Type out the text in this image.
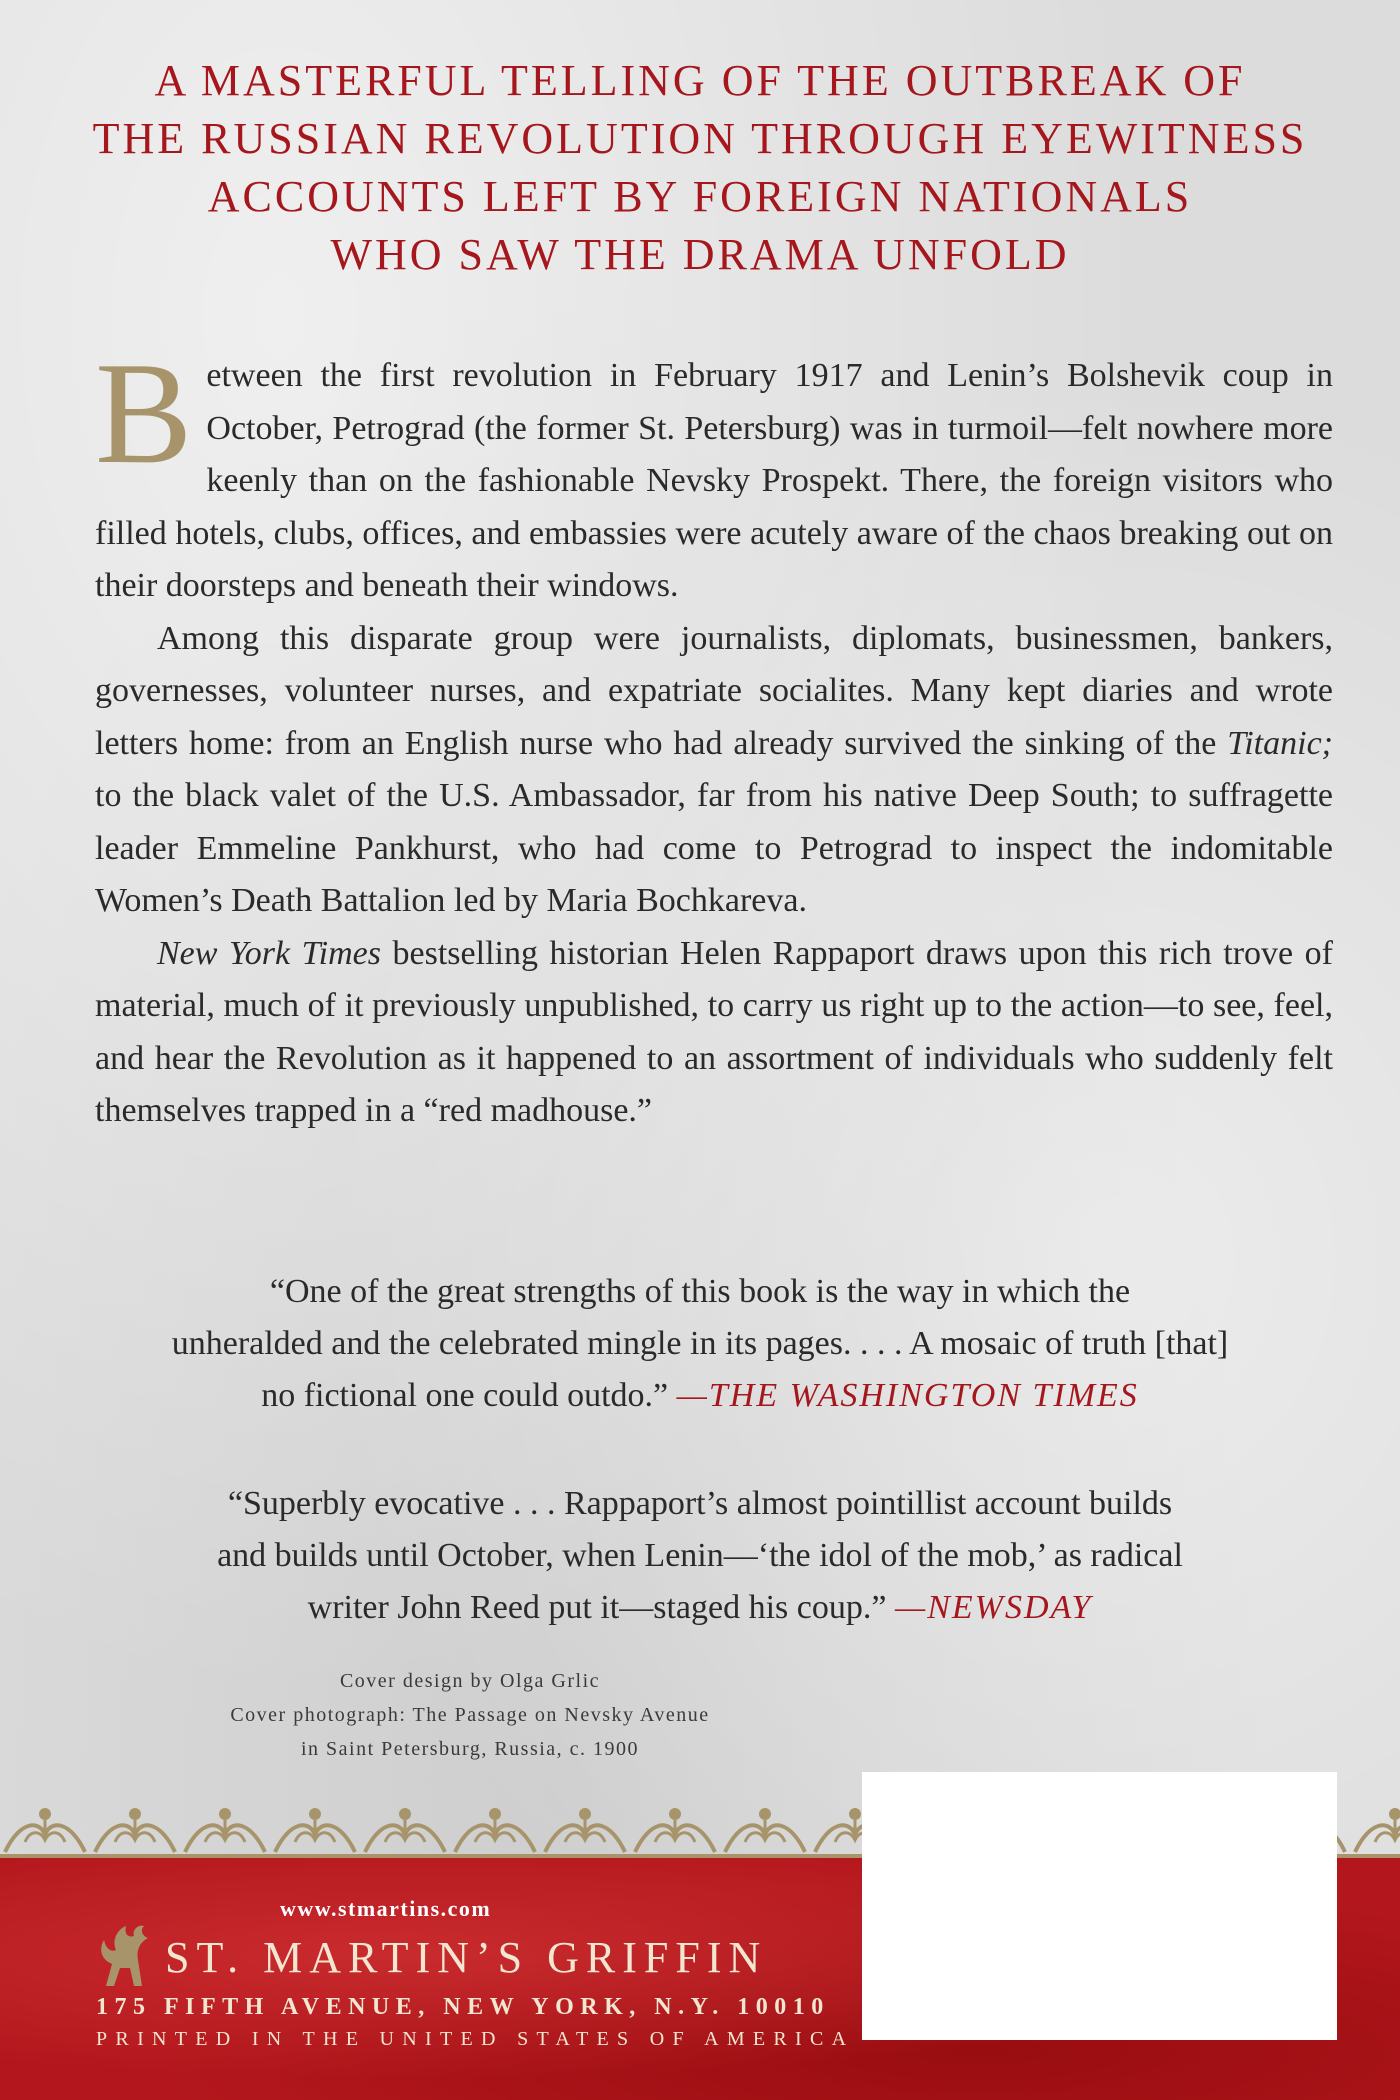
A MASTERFUL TELLING OF THE OUTBREAK OF
THE RUSSIAN REVOLUTION THROUGH EYEWITNESS
ACCOUNTS LEFT BY FOREIGN NATIONALS
WHO SAW THE DRAMA UNFOLD

Between the first revolution in February 1917 and Lenin’s Bolshevik coup in October, Petrograd (the former St. Petersburg) was in turmoil—felt nowhere more keenly than on the fashionable Nevsky Prospekt. There, the foreign visitors who filled hotels, clubs, offices, and embassies were acutely aware of the chaos breaking out on their doorsteps and beneath their windows.

Among this disparate group were journalists, diplomats, businessmen, bankers, governesses, volunteer nurses, and expatriate socialites. Many kept diaries and wrote letters home: from an English nurse who had already survived the sinking of the Titanic; to the black valet of the U.S. Ambassador, far from his native Deep South; to suffragette leader Emmeline Pankhurst, who had come to Petrograd to inspect the indomitable Women’s Death Battalion led by Maria Bochkareva.

New York Times bestselling historian Helen Rappaport draws upon this rich trove of material, much of it previously unpublished, to carry us right up to the action—to see, feel, and hear the Revolution as it happened to an assortment of individuals who suddenly felt themselves trapped in a “red madhouse.”

“One of the great strengths of this book is the way in which the
unheralded and the celebrated mingle in its pages. . . . A mosaic of truth [that]
no fictional one could outdo.” —THE WASHINGTON TIMES
“Superbly evocative . . . Rappaport’s almost pointillist account builds
and builds until October, when Lenin—‘the idol of the mob,’ as radical
writer John Reed put it—staged his coup.” —NEWSDAY
Cover design by Olga Grlic
Cover photograph: The Passage on Nevsky Avenue
in Saint Petersburg, Russia, c. 1900
www.stmartins.com
ST. MARTIN’S GRIFFIN
175 FIFTH AVENUE, NEW YORK, N.Y. 10010
PRINTED IN THE UNITED STATES OF AMERICA
